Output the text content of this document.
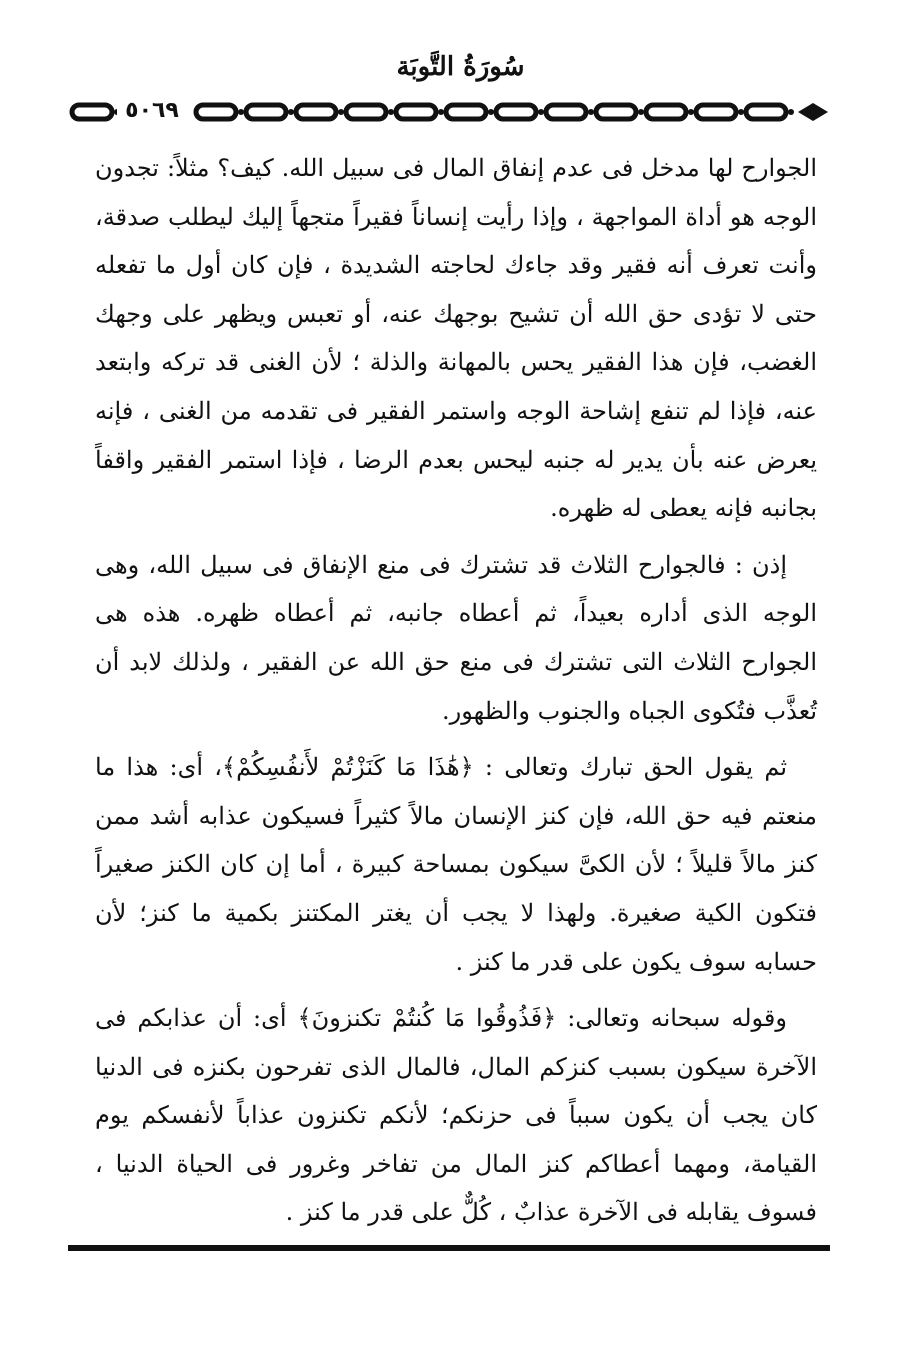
سُورَةُ التَّوبَة
٥٠٦٩

الجوارح لها مدخل فى عدم إنفاق المال فى سبيل الله. كيف؟ مثلاً: تجدون الوجه هو أداة المواجهة ، وإذا رأيت إنساناً فقيراً متجهاً إليك ليطلب صدقة، وأنت تعرف أنه فقير وقد جاءك لحاجته الشديدة ، فإن كان أول ما تفعله حتى لا تؤدى حق الله أن تشيح بوجهك عنه، أو تعبس ويظهر على وجهك الغضب، فإن هذا الفقير يحس بالمهانة والذلة ؛ لأن الغنى قد تركه وابتعد عنه، فإذا لم تنفع إشاحة الوجه واستمر الفقير فى تقدمه من الغنى ، فإنه يعرض عنه بأن يدير له جنبه ليحس بعدم الرضا ، فإذا استمر الفقير واقفاً بجانبه فإنه يعطى له ظهره.

إذن : فالجوارح الثلاث قد تشترك فى منع الإنفاق فى سبيل الله، وهى الوجه الذى أداره بعيداً، ثم أعطاه جانبه، ثم أعطاه ظهره. هذه هى الجوارح الثلاث التى تشترك فى منع حق الله عن الفقير ، ولذلك لابد أن تُعذَّب فتُكوى الجباه والجنوب والظهور.

ثم يقول الحق تبارك وتعالى : ﴿هَٰذَا مَا كَنَزْتُمْ لأَنفُسِكُمْ﴾، أى: هذا ما منعتم فيه حق الله، فإن كنز الإنسان مالاً كثيراً فسيكون عذابه أشد ممن كنز مالاً قليلاً ؛ لأن الكىَّ سيكون بمساحة كبيرة ، أما إن كان الكنز صغيراً فتكون الكية صغيرة. ولهذا لا يجب أن يغتر المكتنز بكمية ما كنز؛ لأن حسابه سوف يكون على قدر ما كنز .

وقوله سبحانه وتعالى: ﴿فَذُوقُوا مَا كُنتُمْ تكنزونَ﴾ أى: أن عذابكم فى الآخرة سيكون بسبب كنزكم المال، فالمال الذى تفرحون بكنزه فى الدنيا كان يجب أن يكون سبباً فى حزنكم؛ لأنكم تكنزون عذاباً لأنفسكم يوم القيامة، ومهما أعطاكم كنز المال من تفاخر وغرور فى الحياة الدنيا ، فسوف يقابله فى الآخرة عذابٌ ، كُلٌّ على قدر ما كنز .
